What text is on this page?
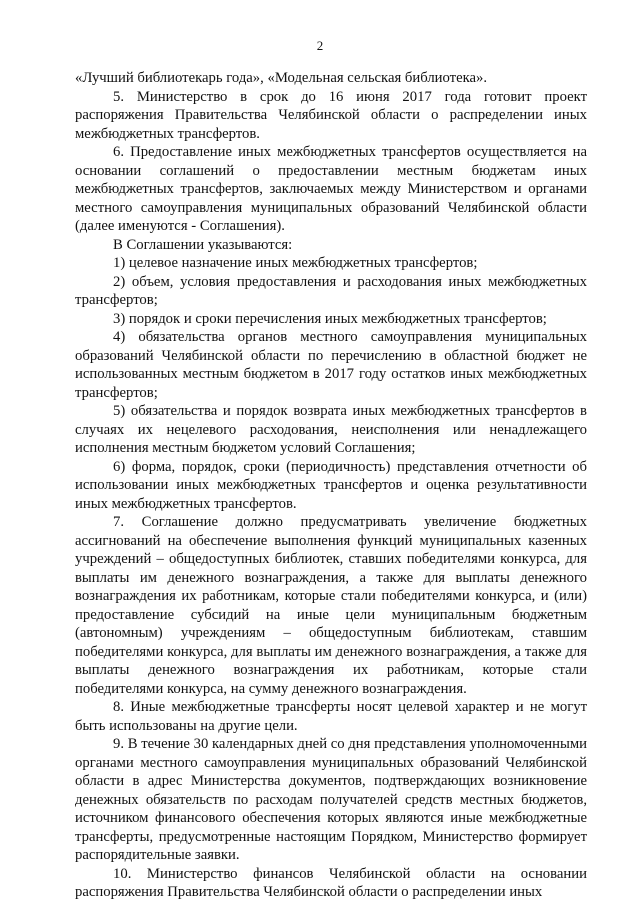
2

«Лучший библиотекарь года», «Модельная сельская библиотека».

5. Министерство в срок до 16 июня 2017 года готовит проект распоряжения Правительства Челябинской области о распределении иных межбюджетных трансфертов.

6. Предоставление иных межбюджетных трансфертов осуществляется на основании соглашений о предоставлении местным бюджетам иных межбюджетных трансфертов, заключаемых между Министерством и органами местного самоуправления муниципальных образований Челябинской области (далее именуются - Соглашения).

В Соглашении указываются:

1) целевое назначение иных межбюджетных трансфертов;

2) объем, условия предоставления и расходования иных межбюджетных трансфертов;

3) порядок и сроки перечисления иных межбюджетных трансфертов;

4) обязательства органов местного самоуправления муниципальных образований Челябинской области по перечислению в областной бюджет не использованных местным бюджетом в 2017 году остатков иных межбюджетных трансфертов;

5) обязательства и порядок возврата иных межбюджетных трансфертов в случаях их нецелевого расходования, неисполнения или ненадлежащего исполнения местным бюджетом условий Соглашения;

6) форма, порядок, сроки (периодичность) представления отчетности об использовании иных межбюджетных трансфертов и оценка результативности иных межбюджетных трансфертов.

7. Соглашение должно предусматривать увеличение бюджетных ассигнований на обеспечение выполнения функций муниципальных казенных учреждений – общедоступных библиотек, ставших победителями конкурса, для выплаты им денежного вознаграждения, а также для выплаты денежного вознаграждения их работникам, которые стали победителями конкурса, и (или) предоставление субсидий на иные цели муниципальным бюджетным (автономным) учреждениям – общедоступным библиотекам, ставшим победителями конкурса, для выплаты им денежного вознаграждения, а также для выплаты денежного вознаграждения их работникам, которые стали победителями конкурса, на сумму денежного вознаграждения.

8. Иные межбюджетные трансферты носят целевой характер и не могут быть использованы на другие цели.

9. В течение 30 календарных дней со дня представления уполномоченными органами местного самоуправления муниципальных образований Челябинской области в адрес Министерства документов, подтверждающих возникновение денежных обязательств по расходам получателей средств местных бюджетов, источником финансового обеспечения которых являются иные межбюджетные трансферты, предусмотренные настоящим Порядком, Министерство формирует распорядительные заявки.

10. Министерство финансов Челябинской области на основании распоряжения Правительства Челябинской области о распределении иных
